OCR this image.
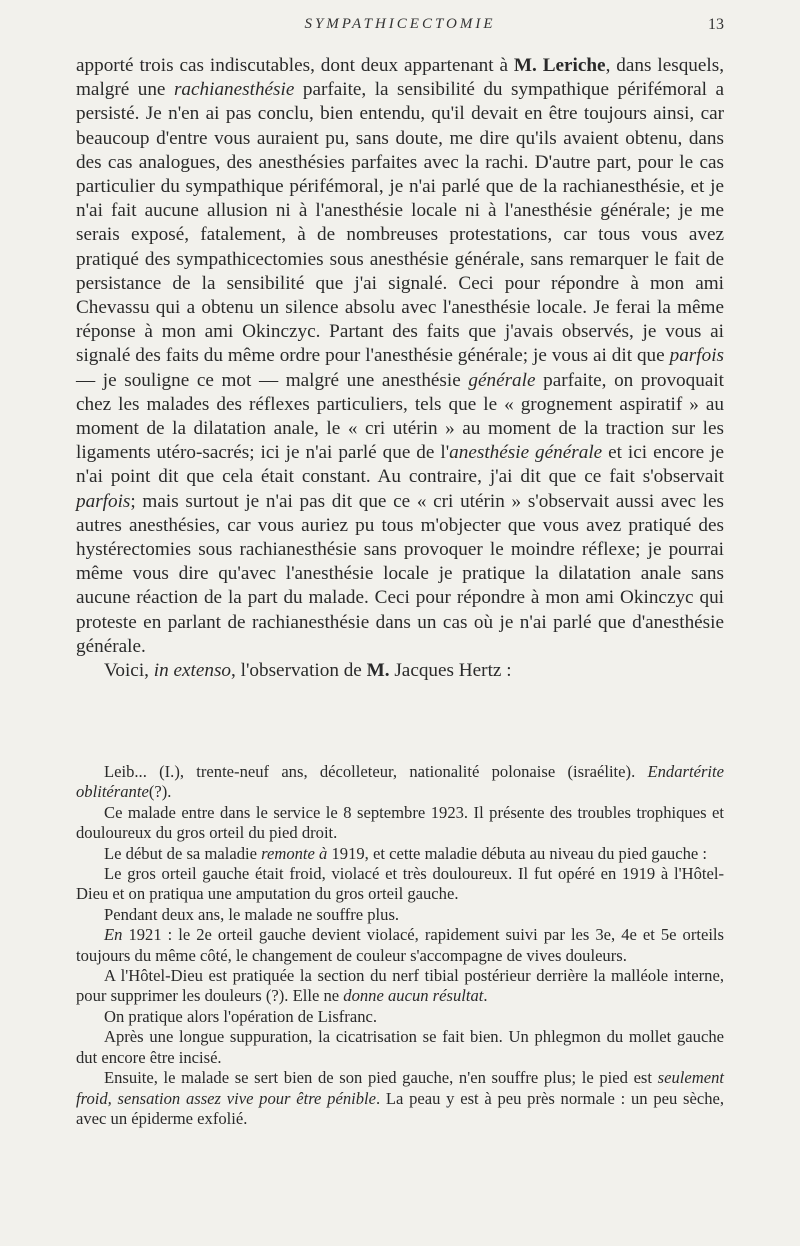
SYMPATHICECTOMIE	13

apporté trois cas indiscutables, dont deux appartenant à M. Leriche, dans lesquels, malgré une rachianesthésie parfaite, la sensibilité du sympathique périfémoral a persisté. Je n'en ai pas conclu, bien entendu, qu'il devait en être toujours ainsi, car beaucoup d'entre vous auraient pu, sans doute, me dire qu'ils avaient obtenu, dans des cas analogues, des anesthésies parfaites avec la rachi. D'autre part, pour le cas particulier du sympathique périfémoral, je n'ai parlé que de la rachianesthésie, et je n'ai fait aucune allusion ni à l'anesthésie locale ni à l'anesthésie générale; je me serais exposé, fatalement, à de nombreuses protestations, car tous vous avez pratiqué des sympathicectomies sous anesthésie générale, sans remarquer le fait de persistance de la sensibilité que j'ai signalé. Ceci pour répondre à mon ami Chevassu qui a obtenu un silence absolu avec l'anesthésie locale. Je ferai la même réponse à mon ami Okinczyc. Partant des faits que j'avais observés, je vous ai signalé des faits du même ordre pour l'anesthésie générale; je vous ai dit que parfois — je souligne ce mot — malgré une anesthésie générale parfaite, on provoquait chez les malades des réflexes particuliers, tels que le « grognement aspiratif » au moment de la dilatation anale, le « cri utérin » au moment de la traction sur les ligaments utéro-sacrés; ici je n'ai parlé que de l'anesthésie générale et ici encore je n'ai point dit que cela était constant. Au contraire, j'ai dit que ce fait s'observait parfois; mais surtout je n'ai pas dit que ce « cri utérin » s'observait aussi avec les autres anesthésies, car vous auriez pu tous m'objecter que vous avez pratiqué des hystérectomies sous rachianesthésie sans provoquer le moindre réflexe; je pourrai même vous dire qu'avec l'anesthésie locale je pratique la dilatation anale sans aucune réaction de la part du malade. Ceci pour répondre à mon ami Okinczyc qui proteste en parlant de rachianesthésie dans un cas où je n'ai parlé que d'anesthésie générale.

Voici, in extenso, l'observation de M. Jacques Hertz :

Leib... (I.), trente-neuf ans, décolleteur, nationalité polonaise (israélite). Endartérite oblitérante(?).

Ce malade entre dans le service le 8 septembre 1923. Il présente des troubles trophiques et douloureux du gros orteil du pied droit.

Le début de sa maladie remonte à 1919, et cette maladie débuta au niveau du pied gauche :

Le gros orteil gauche était froid, violacé et très douloureux. Il fut opéré en 1919 à l'Hôtel-Dieu et on pratiqua une amputation du gros orteil gauche.

Pendant deux ans, le malade ne souffre plus.

En 1921 : le 2e orteil gauche devient violacé, rapidement suivi par les 3e, 4e et 5e orteils toujours du même côté, le changement de couleur s'accompagne de vives douleurs.

A l'Hôtel-Dieu est pratiquée la section du nerf tibial postérieur derrière la malléole interne, pour supprimer les douleurs (?). Elle ne donne aucun résultat.

On pratique alors l'opération de Lisfranc.

Après une longue suppuration, la cicatrisation se fait bien. Un phlegmon du mollet gauche dut encore être incisé.

Ensuite, le malade se sert bien de son pied gauche, n'en souffre plus; le pied est seulement froid, sensation assez vive pour être pénible. La peau y est à peu près normale : un peu sèche, avec un épiderme exfolié.
